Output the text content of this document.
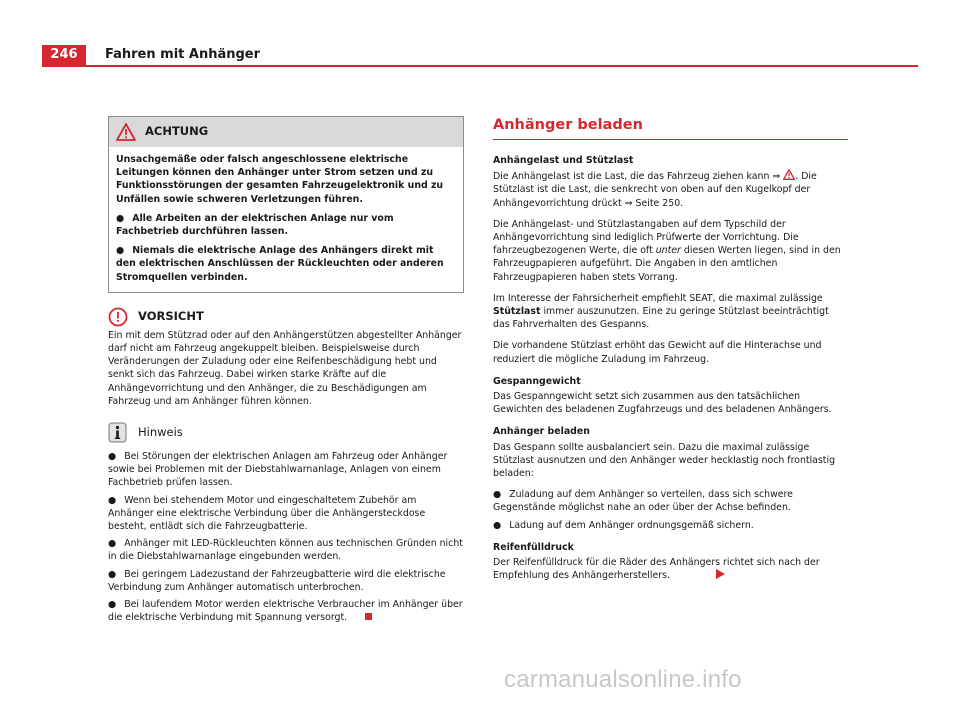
246	Fahren mit Anhänger
ACHTUNG

Unsachgemäße oder falsch angeschlossene elektrische Leitungen können den Anhänger unter Strom setzen und zu Funktionsstörungen der gesamten Fahrzeugelektronik und zu Unfällen sowie schweren Verletzungen führen.

● Alle Arbeiten an der elektrischen Anlage nur vom Fachbetrieb durchführen lassen.

● Niemals die elektrische Anlage des Anhängers direkt mit den elektrischen Anschlüssen der Rückleuchten oder anderen Stromquellen verbinden.

VORSICHT

Ein mit dem Stützrad oder auf den Anhängerstützen abgestellter Anhänger darf nicht am Fahrzeug angekuppelt bleiben. Beispielsweise durch Veränderungen der Zuladung oder eine Reifenbeschädigung hebt und senkt sich das Fahrzeug. Dabei wirken starke Kräfte auf die Anhängevorrichtung und den Anhänger, die zu Beschädigungen am Fahrzeug und am Anhänger führen können.

Hinweis

● Bei Störungen der elektrischen Anlagen am Fahrzeug oder Anhänger sowie bei Problemen mit der Diebstahlwarnanlage, Anlagen von einem Fachbetrieb prüfen lassen.

● Wenn bei stehendem Motor und eingeschaltetem Zubehör am Anhänger eine elektrische Verbindung über die Anhängersteckdose besteht, entlädt sich die Fahrzeugbatterie.

● Anhänger mit LED-Rückleuchten können aus technischen Gründen nicht in die Diebstahlwarnanlage eingebunden werden.

● Bei geringem Ladezustand der Fahrzeugbatterie wird die elektrische Verbindung zum Anhänger automatisch unterbrochen.

● Bei laufendem Motor werden elektrische Verbraucher im Anhänger über die elektrische Verbindung mit Spannung versorgt.

Anhänger beladen
Anhängelast und Stützlast

Die Anhängelast ist die Last, die das Fahrzeug ziehen kann ⇒ . Die Stützlast ist die Last, die senkrecht von oben auf den Kugelkopf der Anhängevorrichtung drückt ⇒ Seite 250.

Die Anhängelast- und Stützlastangaben auf dem Typschild der Anhängevorrichtung sind lediglich Prüfwerte der Vorrichtung. Die fahrzeugbezogenen Werte, die oft unter diesen Werten liegen, sind in den Fahrzeugpapieren aufgeführt. Die Angaben in den amtlichen Fahrzeugpapieren haben stets Vorrang.

Im Interesse der Fahrsicherheit empfiehlt SEAT, die maximal zulässige Stützlast immer auszunutzen. Eine zu geringe Stützlast beeinträchtigt das Fahrverhalten des Gespanns.

Die vorhandene Stützlast erhöht das Gewicht auf die Hinterachse und reduziert die mögliche Zuladung im Fahrzeug.

Gespanngewicht

Das Gespanngewicht setzt sich zusammen aus den tatsächlichen Gewichten des beladenen Zugfahrzeugs und des beladenen Anhängers.

Anhänger beladen

Das Gespann sollte ausbalanciert sein. Dazu die maximal zulässige Stützlast ausnutzen und den Anhänger weder hecklastig noch frontlastig beladen:

● Zuladung auf dem Anhänger so verteilen, dass sich schwere Gegenstände möglichst nahe an oder über der Achse befinden.

● Ladung auf dem Anhänger ordnungsgemäß sichern.

Reifenfülldruck

Der Reifenfülldruck für die Räder des Anhängers richtet sich nach der Empfehlung des Anhängerherstellers.

carmanualsonline.info
